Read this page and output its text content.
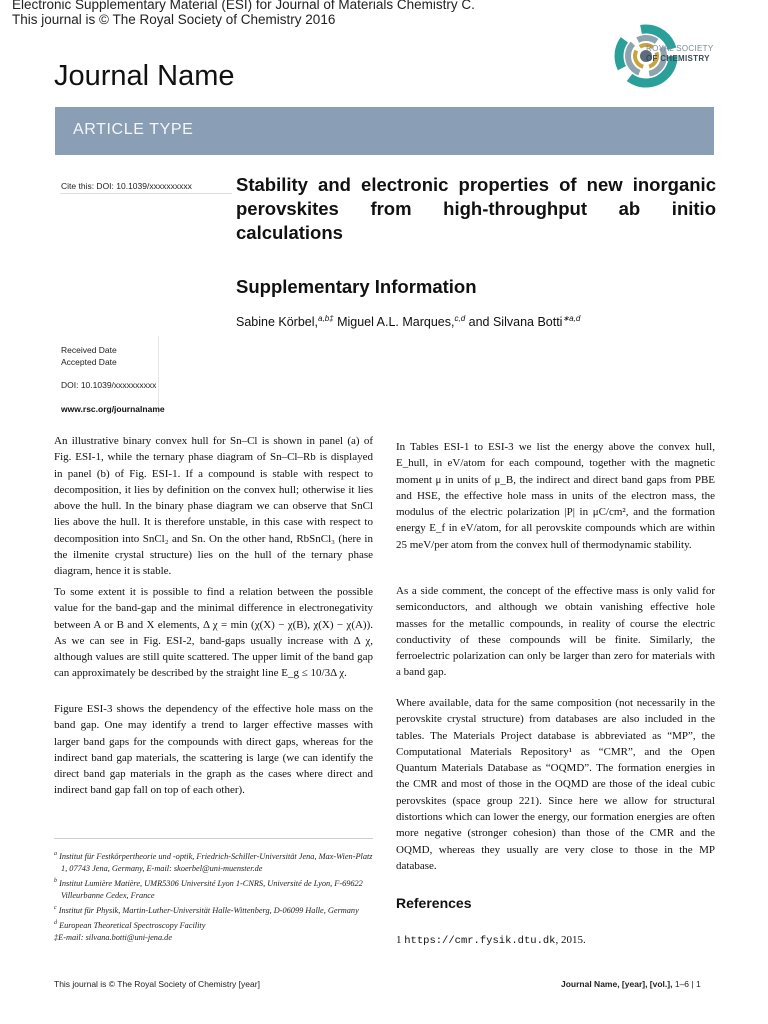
Electronic Supplementary Material (ESI) for Journal of Materials Chemistry C.
This journal is © The Royal Society of Chemistry 2016
ROYAL SOCIETY
OF CHEMISTRY
Journal Name
ARTICLE TYPE
Cite this: DOI: 10.1039/xxxxxxxxxx Stability and electronic properties of new inorganic perovskites from high-throughput ab initio calculations
Supplementary Information
Sabine Körbel,$^{a,b\ddagger}$ Miguel A.L. Marques,$^{c,d}$ and Silvana Botti$^{∗a,d}$
Received Date
Accepted Date
DOI: 10.1039/xxxxxxxxxx
www.rsc.org/journalname
An illustrative binary convex hull for Sn–Cl is shown in panel (a) of Fig. ESI-1, while the ternary phase diagram of Sn–Cl–Rb is displayed in panel (b) of Fig. ESI-1. If a compound is stable with respect to decomposition, it lies by definition on the convex hull; otherwise it lies above the hull. In the binary phase diagram we can observe that SnCl lies above the hull. It is therefore unstable, in this case with respect to decomposition into SnCl₂ and Sn. On the other hand, RbSnCl₃ (here in the ilmenite crystal structure) lies on the hull of the ternary phase diagram, hence it is stable.
To some extent it is possible to find a relation between the possible value for the band-gap and the minimal difference in electronegativity between A or B and X elements, Δ χ = min (χ(X) − χ(B), χ(X) − χ(A)). As we can see in Fig. ESI-2, band-gaps usually increase with Δ χ, although values are still quite scattered. The upper limit of the band gap can approximately be described by the straight line E_g ≤ 10/3Δ χ.
Figure ESI-3 shows the dependency of the effective hole mass on the band gap. One may identify a trend to larger effective masses with larger band gaps for the compounds with direct gaps, whereas for the indirect band gap materials, the scattering is large (we can identify the direct band gap materials in the graph as the cases where direct and indirect band gap fall on top of each other).
$^a$ Institut für Festkörpertheorie und -optik, Friedrich-Schiller-Universität Jena, Max-Wien-Platz 1, 07743 Jena, Germany, E-mail: skoerbel@uni-muenster.de
$^b$ Institut Lumière Matière, UMR5306 Université Lyon 1-CNRS, Université de Lyon, F-69622 Villeurbanne Cedex, France
$^c$ Institut für Physik, Martin-Luther-Universität Halle-Wittenberg, D-06099 Halle, Germany
$^d$ European Theoretical Spectroscopy Facility
‡E-mail: silvana.botti@uni-jena.de
In Tables ESI-1 to ESI-3 we list the energy above the convex hull, E_hull, in eV/atom for each compound, together with the magnetic moment μ in units of μ_B, the indirect and direct band gaps from PBE and HSE, the effective hole mass in units of the electron mass, the modulus of the electric polarization |P| in μC/cm², and the formation energy E_f in eV/atom, for all perovskite compounds which are within 25 meV/per atom from the convex hull of thermodynamic stability.
As a side comment, the concept of the effective mass is only valid for semiconductors, and although we obtain vanishing effective hole masses for the metallic compounds, in reality of course the electric conductivity of these compounds will be finite. Similarly, the ferroelectric polarization can only be larger than zero for materials with a band gap.
Where available, data for the same composition (not necessarily in the perovskite crystal structure) from databases are also included in the tables. The Materials Project database is abbreviated as “MP”, the Computational Materials Repository¹ as “CMR”, and the Open Quantum Materials Database as “OQMD”. The formation energies in the CMR and most of those in the OQMD are those of the ideal cubic perovskites (space group 221). Since here we allow for structural distortions which can lower the energy, our formation energies are often more negative (stronger cohesion) than those of the CMR and the OQMD, whereas they usually are very close to those in the MP database.
References
1 https://cmr.fysik.dtu.dk, 2015.
This journal is © The Royal Society of Chemistry [year]	Journal Name, [year], [vol.], 1–6 | 1
